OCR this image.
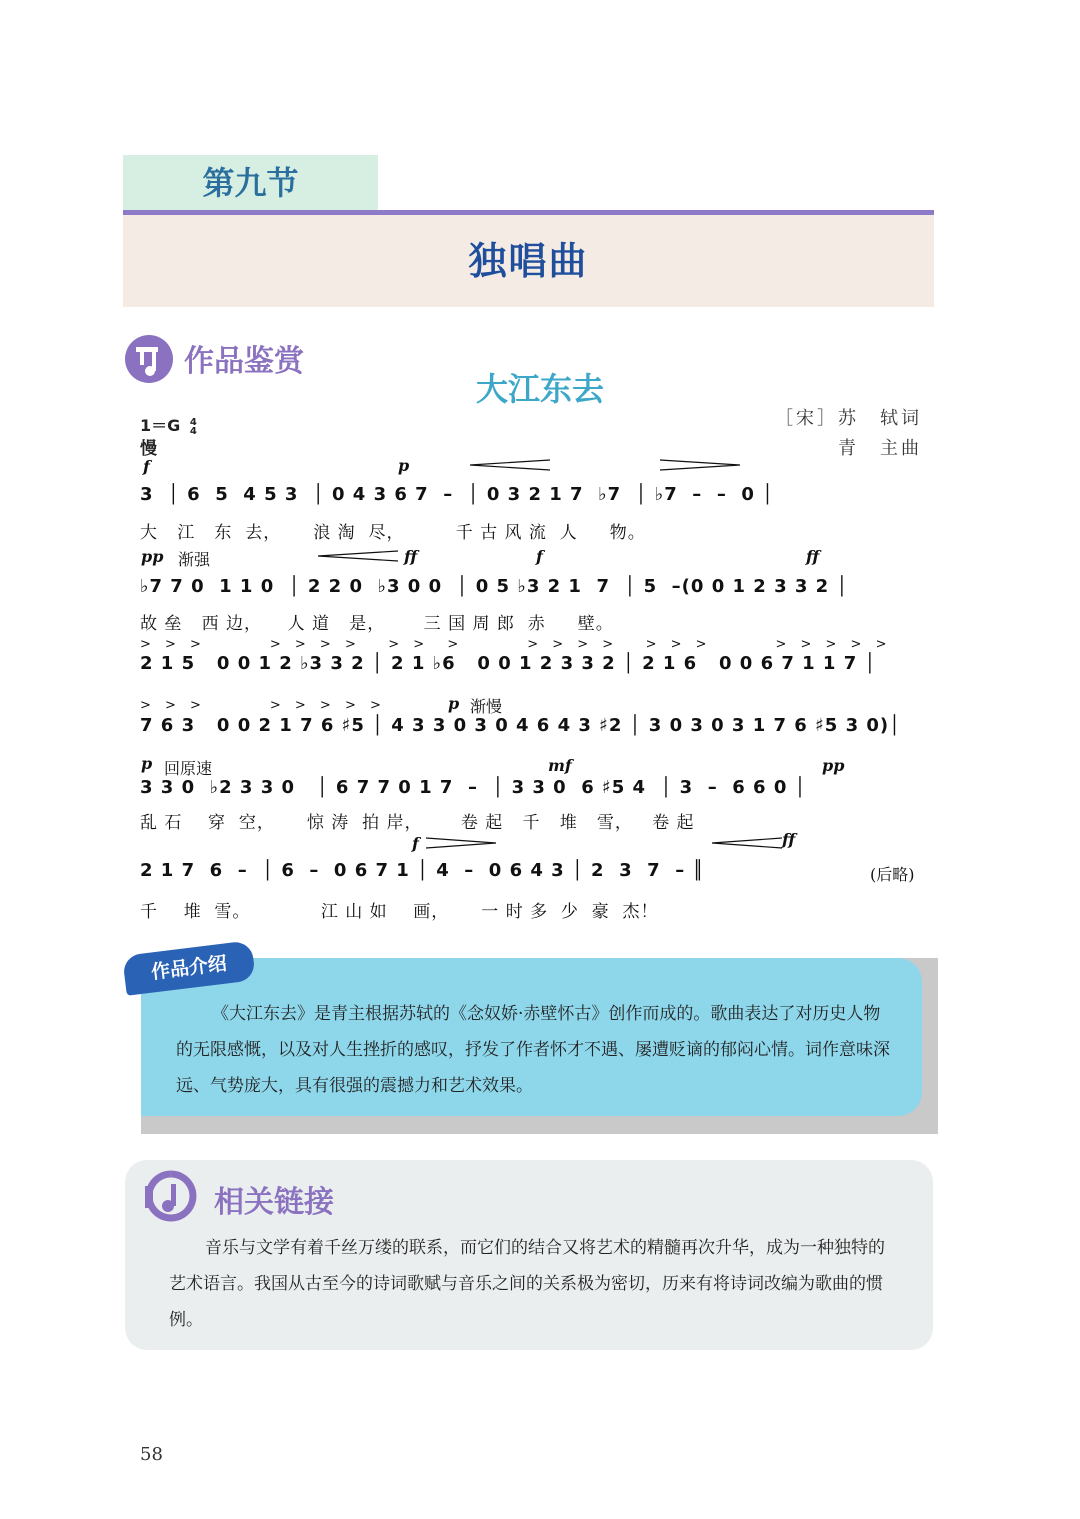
第九节
独唱曲
作品鉴赏
大江东去
1＝G 4
4
慢
［宋］苏　轼词
青　主曲
f	p
3  │ 6  5  4 5 3  │ 0 4 3 6 7  –  │ 0 3 2 1 7  ♭7  │ ♭7  –  –  0 │
大   江   东  去，     浪 淘  尽，        千 古 风 流  人     物。
pp 渐强	ff	f	ff
♭7 7 0  1 1 0  │ 2 2 0  ♭3 0 0  │ 0 5 ♭3 2 1  7  │ 5  –(0 0 1 2 3 3 2 │
故 垒   西 边，    人 道   是，      三 国 周 郎  赤     壁。
> > >       > > > >   > >  >       > > > >   > > >       > > > > >
2 1 5   0 0 1 2 ♭3 3 2 │ 2 1 ♭6   0 0 1 2 3 3 2 │ 2 1 6   0 0 6 7 1 1 7 │
> > >       > > > > >	p 渐慢
7 6 3   0 0 2 1 7 6 ♯5 │ 4 3 3 0 3 0 4 6 4 3 ♯2 │ 3 0 3 0 3 1 7 6 ♯5 3 0)│
p 回原速	mf	pp
3 3 0  ♭2 3 3 0   │ 6 7 7 0 1 7  –  │ 3 3 0  6 ♯5 4  │ 3  –  6 6 0 │
乱 石    穿  空，     惊 涛  拍 岸，      卷 起   千   堆   雪，   卷 起
f	ff
2 1 7  6  –  │ 6  –  0 6 7 1 │ 4  –  0 6 4 3 │ 2  3  7  – ║	(后略)
千    堆  雪。           江 山 如    画，     一 时 多  少  豪  杰！
作品介绍
《大江东去》是青主根据苏轼的《念奴娇·赤壁怀古》创作而成的。歌曲表达了对历史人物的无限感慨，以及对人生挫折的感叹，抒发了作者怀才不遇、屡遭贬谪的郁闷心情。词作意味深远、气势庞大，具有很强的震撼力和艺术效果。
相关链接
音乐与文学有着千丝万缕的联系，而它们的结合又将艺术的精髓再次升华，成为一种独特的艺术语言。我国从古至今的诗词歌赋与音乐之间的关系极为密切，历来有将诗词改编为歌曲的惯例。
58
